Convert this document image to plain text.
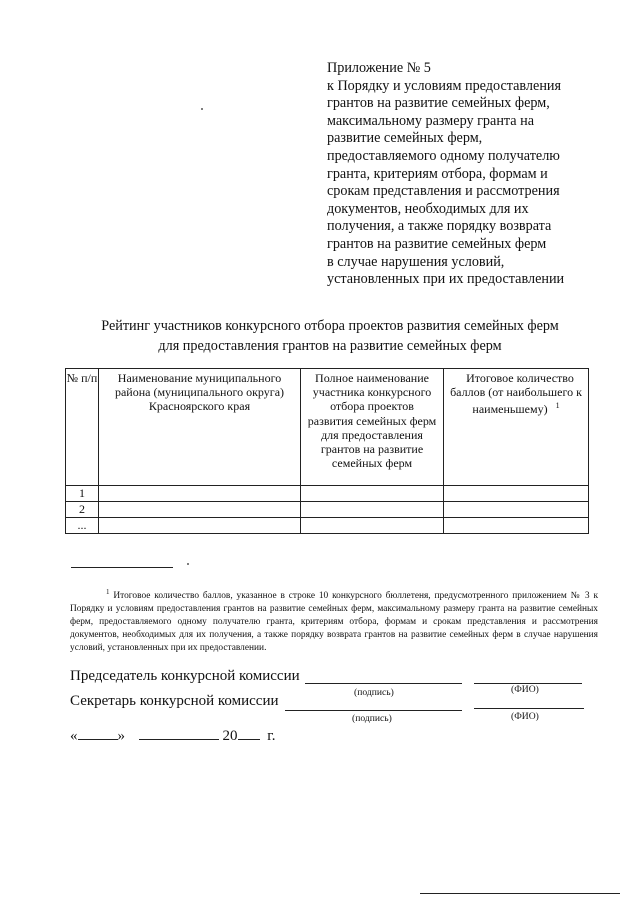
Приложение № 5
к Порядку и условиям предоставления
грантов на развитие семейных ферм,
максимальному размеру гранта на
развитие семейных ферм,
предоставляемого одному получателю
гранта, критериям отбора, формам и
срокам представления и рассмотрения
документов, необходимых для их
получения, а также порядку возврата
грантов на развитие семейных ферм
в случае нарушения условий,
установленных при их предоставлении
Рейтинг участников конкурсного отбора проектов развития семейных ферм
для предоставления грантов на развитие семейных ферм
№ п/п	Наименование муниципального района (муниципального округа) Красноярского края	Полное наименование участника конкурсного отбора проектов развития семейных ферм для предоставления грантов на развитие семейных ферм	Итоговое количество баллов (от наибольшего к наименьшему) $^1$
1			
2			
...			
$^1$ Итоговое количество баллов, указанное в строке 10 конкурсного бюллетеня, предусмотренного приложением № 3 к Порядку и условиям предоставления грантов на развитие семейных ферм, максимальному размеру гранта на развитие семейных ферм, предоставляемого одному получателю гранта, критериям отбора, формам и срокам представления и рассмотрения документов, необходимых для их получения, а также порядку возврата грантов на развитие семейных ферм в случае нарушения условий, установленных при их предоставлении.
Председатель конкурсной комиссии
(подпись)	(ФИО)
Секретарь конкурсной комиссии
(подпись)	(ФИО)
«	»	20 г.
